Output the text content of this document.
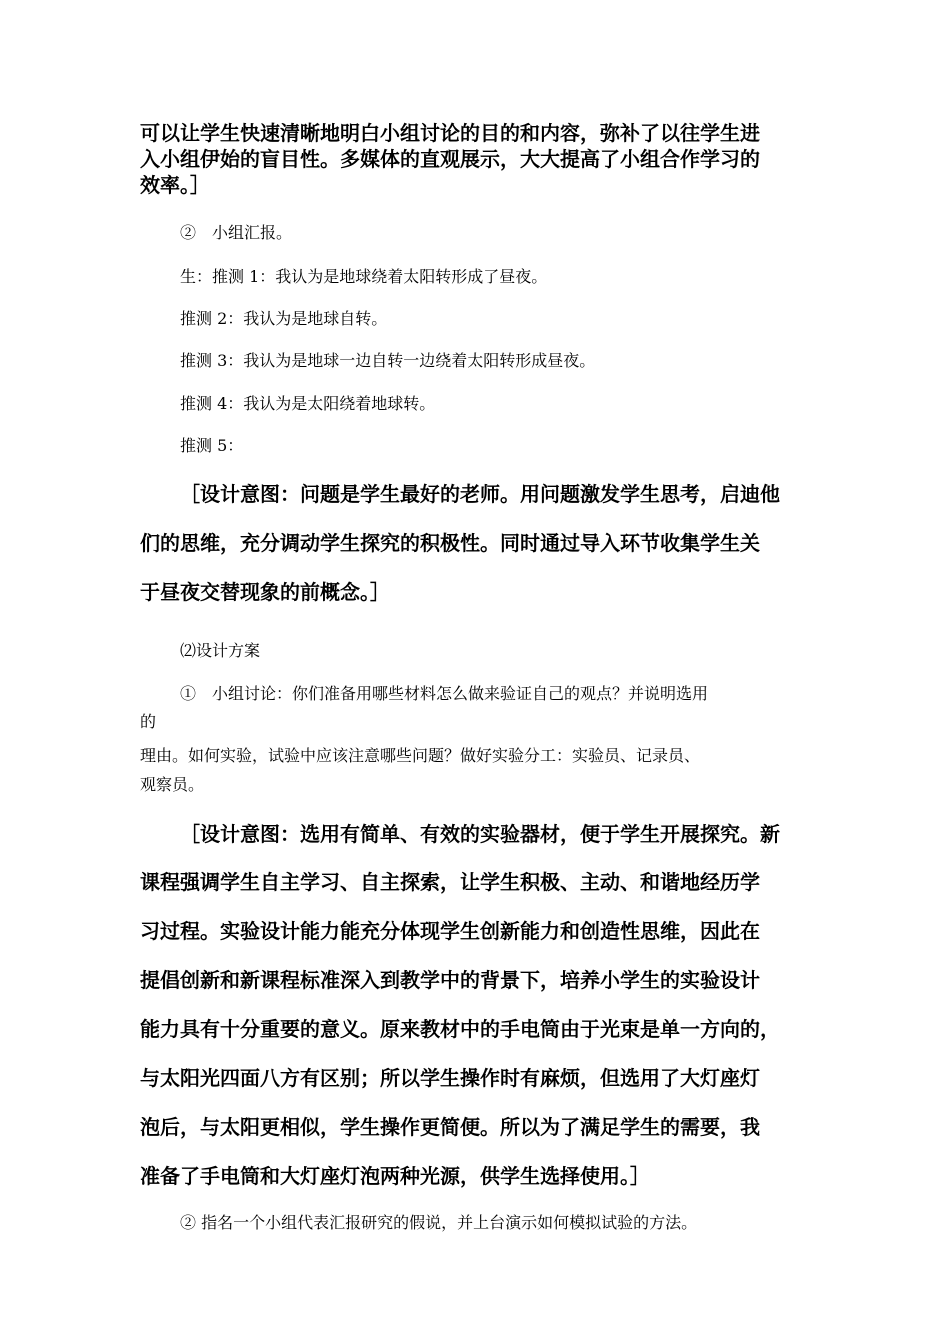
可以让学生快速清晰地明白小组讨论的目的和内容，弥补了以往学生进

入小组伊始的盲目性。多媒体的直观展示，大大提高了小组合作学习的

效率。］

②　小组汇报。

生：推测 1：我认为是地球绕着太阳转形成了昼夜。

推测 2：我认为是地球自转。

推测 3：我认为是地球一边自转一边绕着太阳转形成昼夜。

推测 4：我认为是太阳绕着地球转。

推测 5：

［设计意图：问题是学生最好的老师。用问题激发学生思考，启迪他

们的思维，充分调动学生探究的积极性。同时通过导入环节收集学生关

于昼夜交替现象的前概念。］

⑵设计方案

①　小组讨论：你们准备用哪些材料怎么做来验证自己的观点？并说明选用

的

理由。如何实验，试验中应该注意哪些问题？做好实验分工：实验员、记录员、

观察员。

［设计意图：选用有简单、有效的实验器材，便于学生开展探究。新

课程强调学生自主学习、自主探索，让学生积极、主动、和谐地经历学

习过程。实验设计能力能充分体现学生创新能力和创造性思维，因此在

提倡创新和新课程标准深入到教学中的背景下，培养小学生的实验设计

能力具有十分重要的意义。原来教材中的手电筒由于光束是单一方向的，

与太阳光四面八方有区别；所以学生操作时有麻烦，但选用了大灯座灯

泡后，与太阳更相似，学生操作更简便。所以为了满足学生的需要，我

准备了手电筒和大灯座灯泡两种光源，供学生选择使用。］

② 指名一个小组代表汇报研究的假说，并上台演示如何模拟试验的方法。
